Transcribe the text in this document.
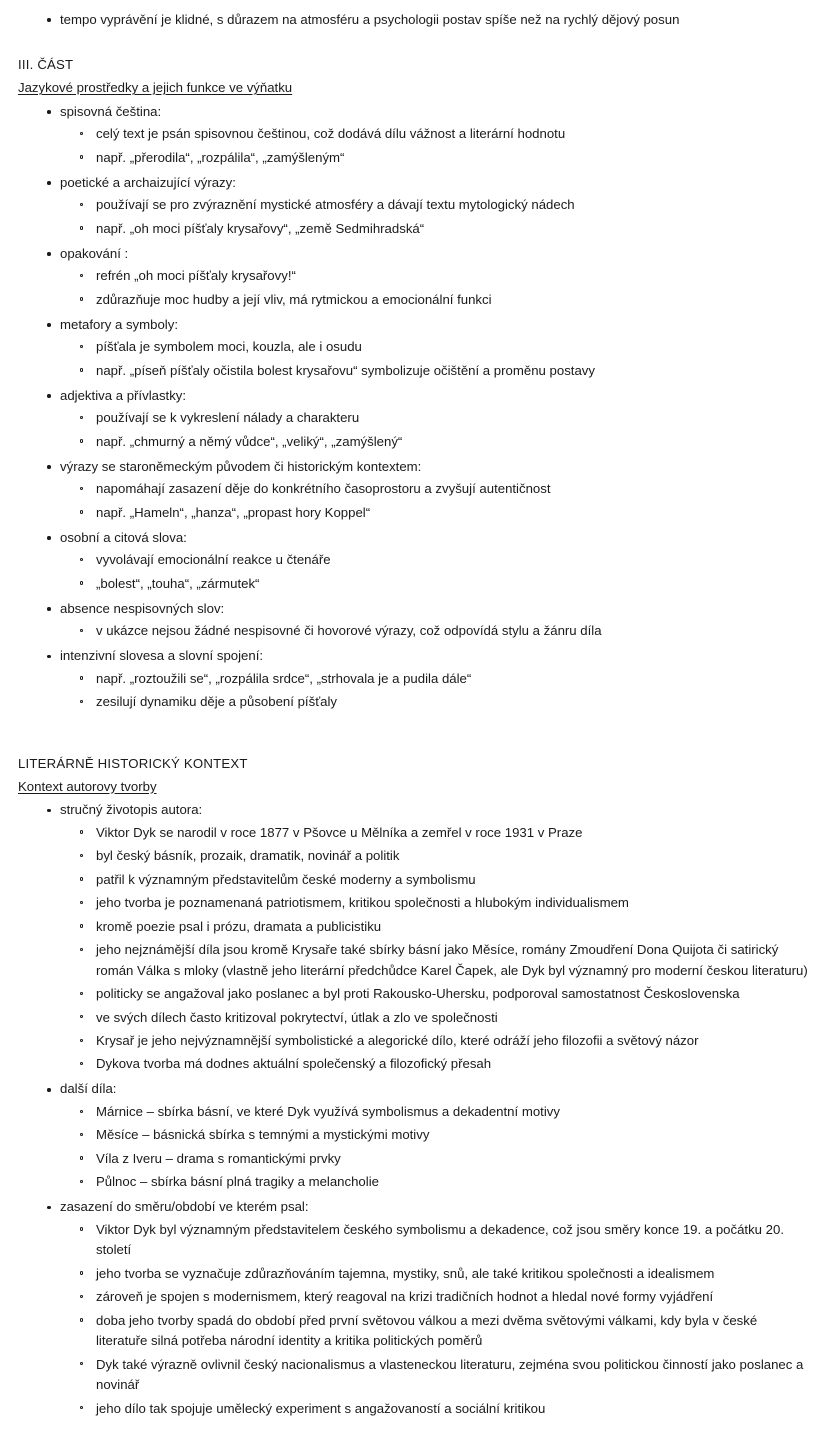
tempo vyprávění je klidné, s důrazem na atmosféru a psychologii postav spíše než na rychlý dějový posun
III. ČÁST
Jazykové prostředky a jejich funkce ve výňatku
spisovná čeština:
celý text je psán spisovnou češtinou, což dodává dílu vážnost a literární hodnotu
např. „přerodila“, „rozpálila“, „zamýšleným“
poetické a archaizující výrazy:
používají se pro zvýraznění mystické atmosféry a dávají textu mytologický nádech
např. „oh moci píšťaly krysařovy“, „země Sedmihradská“
opakování :
refrén „oh moci píšťaly krysařovy!“
zdůrazňuje moc hudby a její vliv, má rytmickou a emocionální funkci
metafory a symboly:
píšťala je symbolem moci, kouzla, ale i osudu
např. „píseň píšťaly očistila bolest krysařovu“ symbolizuje očištění a proměnu postavy
adjektiva a přívlastky:
používají se k vykreslení nálady a charakteru
např. „chmurný a němý vůdce“, „veliký“, „zamýšlený“
výrazy se staroněmeckým původem či historickým kontextem:
napomáhají zasazení děje do konkrétního časoprostoru a zvyšují autentičnost
např. „Hameln“, „hanza“, „propast hory Koppel“
osobní a citová slova:
vyvolávají emocionální reakce u čtenáře
„bolest“, „touha“, „zármutek“
absence nespisovných slov:
v ukázce nejsou žádné nespisovné či hovorové výrazy, což odpovídá stylu a žánru díla
intenzivní slovesa a slovní spojení:
např. „roztoužili se“, „rozpálila srdce“, „strhovala je a pudila dále“
zesilují dynamiku děje a působení píšťaly
LITERÁRNĚ HISTORICKÝ KONTEXT
Kontext autorovy tvorby
stručný životopis autora:
Viktor Dyk se narodil v roce 1877 v Pšovce u Mělníka a zemřel v roce 1931 v Praze
byl český básník, prozaik, dramatik, novinář a politik
patřil k významným představitelům české moderny a symbolismu
jeho tvorba je poznamenaná patriotismem, kritikou společnosti a hlubokým individualismem
kromě poezie psal i prózu, dramata a publicistiku
jeho nejznámější díla jsou kromě Krysaře také sbírky básní jako Měsíce, romány Zmoudření Dona Quijota či satirický román Válka s mloky (vlastně jeho literární předchůdce Karel Čapek, ale Dyk byl významný pro moderní českou literaturu)
politicky se angažoval jako poslanec a byl proti Rakousko-Uhersku, podporoval samostatnost Československa
ve svých dílech často kritizoval pokrytectví, útlak a zlo ve společnosti
Krysař je jeho nejvýznamnější symbolistické a alegorické dílo, které odráží jeho filozofii a světový názor
Dykova tvorba má dodnes aktuální společenský a filozofický přesah
další díla:
Márnice – sbírka básní, ve které Dyk využívá symbolismus a dekadentní motivy
Měsíce – básnická sbírka s temnými a mystickými motivy
Víla z Iveru – drama s romantickými prvky
Půlnoc – sbírka básní plná tragiky a melancholie
zasazení do směru/období ve kterém psal:
Viktor Dyk byl významným představitelem českého symbolismu a dekadence, což jsou směry konce 19. a počátku 20. století
jeho tvorba se vyznačuje zdůrazňováním tajemna, mystiky, snů, ale také kritikou společnosti a idealismem
zároveň je spojen s modernismem, který reagoval na krizi tradičních hodnot a hledal nové formy vyjádření
doba jeho tvorby spadá do období před první světovou válkou a mezi dvěma světovými válkami, kdy byla v české literatuře silná potřeba národní identity a kritika politických poměrů
Dyk také výrazně ovlivnil český nacionalismus a vlasteneckou literaturu, zejména svou politickou činností jako poslanec a novinář
jeho dílo tak spojuje umělecký experiment s angažovaností a sociální kritikou
